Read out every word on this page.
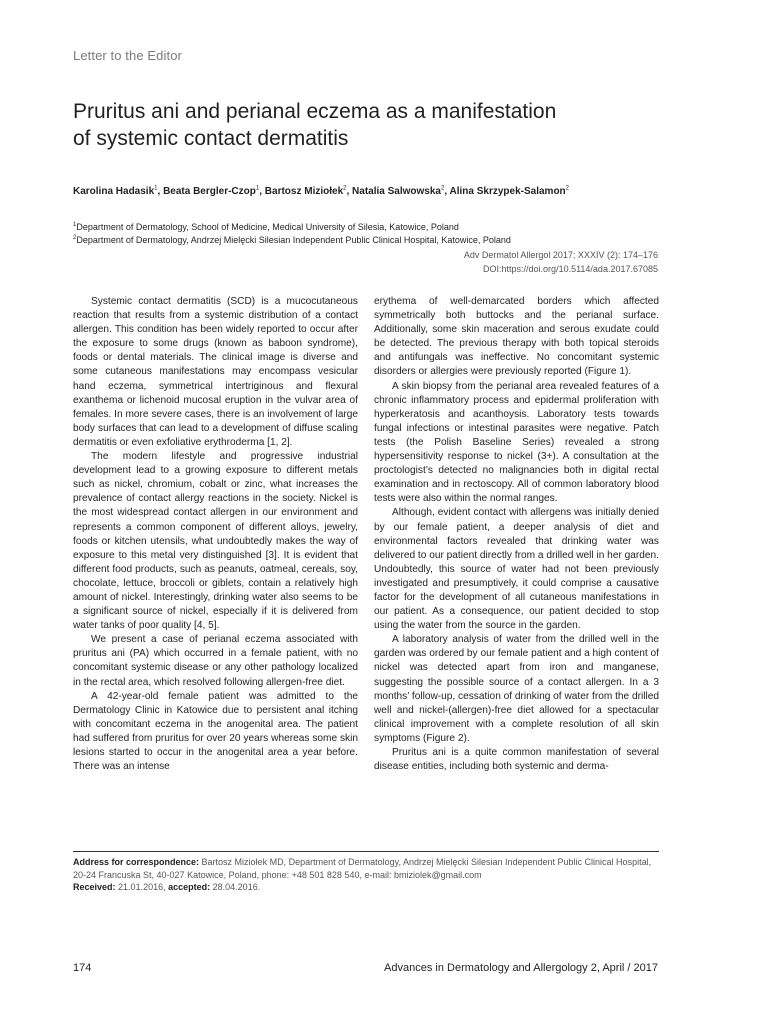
Letter to the Editor
Pruritus ani and perianal eczema as a manifestation
of systemic contact dermatitis
Karolina Hadasik$^1$, Beata Bergler-Czop$^1$, Bartosz Miziołek$^2$, Natalia Salwowska$^2$, Alina Skrzypek-Salamon$^2$
$^1$Department of Dermatology, School of Medicine, Medical University of Silesia, Katowice, Poland
$^2$Department of Dermatology, Andrzej Mielęcki Silesian Independent Public Clinical Hospital, Katowice, Poland
Adv Dermatol Allergol 2017; XXXIV (2): 174–176
DOI:https://doi.org/10.5114/ada.2017.67085

Systemic contact dermatitis (SCD) is a mucocutaneous reaction that results from a systemic distribution of a contact allergen. This condition has been widely reported to occur after the exposure to some drugs (known as baboon syndrome), foods or dental materials. The clinical image is diverse and some cutaneous manifestations may encompass vesicular hand eczema, symmetrical intertriginous and flexural exanthema or lichenoid mucosal eruption in the vulvar area of females. In more severe cases, there is an involvement of large body surfaces that can lead to a development of diffuse scaling dermatitis or even exfoliative erythroderma [1, 2].

The modern lifestyle and progressive industrial development lead to a growing exposure to different metals such as nickel, chromium, cobalt or zinc, what increases the prevalence of contact allergy reactions in the society. Nickel is the most widespread contact allergen in our environment and represents a common component of different alloys, jewelry, foods or kitchen utensils, what undoubtedly makes the way of exposure to this metal very distinguished [3]. It is evident that different food products, such as peanuts, oatmeal, cereals, soy, chocolate, lettuce, broccoli or giblets, contain a relatively high amount of nickel. Interestingly, drinking water also seems to be a significant source of nickel, especially if it is delivered from water tanks of poor quality [4, 5].

We present a case of perianal eczema associated with pruritus ani (PA) which occurred in a female patient, with no concomitant systemic disease or any other pathology localized in the rectal area, which resolved following allergen-free diet.

A 42-year-old female patient was admitted to the Dermatology Clinic in Katowice due to persistent anal itching with concomitant eczema in the anogenital area. The patient had suffered from pruritus for over 20 years whereas some skin lesions started to occur in the anogenital area a year before. There was an intense

erythema of well-demarcated borders which affected symmetrically both buttocks and the perianal surface. Additionally, some skin maceration and serous exudate could be detected. The previous therapy with both topical steroids and antifungals was ineffective. No concomitant systemic disorders or allergies were previously reported (Figure 1).

A skin biopsy from the perianal area revealed features of a chronic inflammatory process and epidermal proliferation with hyperkeratosis and acanthoysis. Laboratory tests towards fungal infections or intestinal parasites were negative. Patch tests (the Polish Baseline Series) revealed a strong hypersensitivity response to nickel (3+). A consultation at the proctologist’s detected no malignancies both in digital rectal examination and in rectoscopy. All of common laboratory blood tests were also within the normal ranges.

Although, evident contact with allergens was initially denied by our female patient, a deeper analysis of diet and environmental factors revealed that drinking water was delivered to our patient directly from a drilled well in her garden. Undoubtedly, this source of water had not been previously investigated and presumptively, it could comprise a causative factor for the development of all cutaneous manifestations in our patient. As a consequence, our patient decided to stop using the water from the source in the garden.

A laboratory analysis of water from the drilled well in the garden was ordered by our female patient and a high content of nickel was detected apart from iron and manganese, suggesting the possible source of a contact allergen. In a 3 months’ follow-up, cessation of drinking of water from the drilled well and nickel-(allergen)-free diet allowed for a spectacular clinical improvement with a complete resolution of all skin symptoms (Figure 2).

Pruritus ani is a quite common manifestation of several disease entities, including both systemic and derma-

Address for correspondence: Bartosz Miziołek MD, Department of Dermatology, Andrzej Mielęcki Silesian Independent Public Clinical Hospital, 20-24 Francuska St, 40-027 Katowice, Poland, phone: +48 501 828 540, e-mail: bmiziolek@gmail.com
Received: 21.01.2016, accepted: 28.04.2016.
174	Advances in Dermatology and Allergology 2, April / 2017
